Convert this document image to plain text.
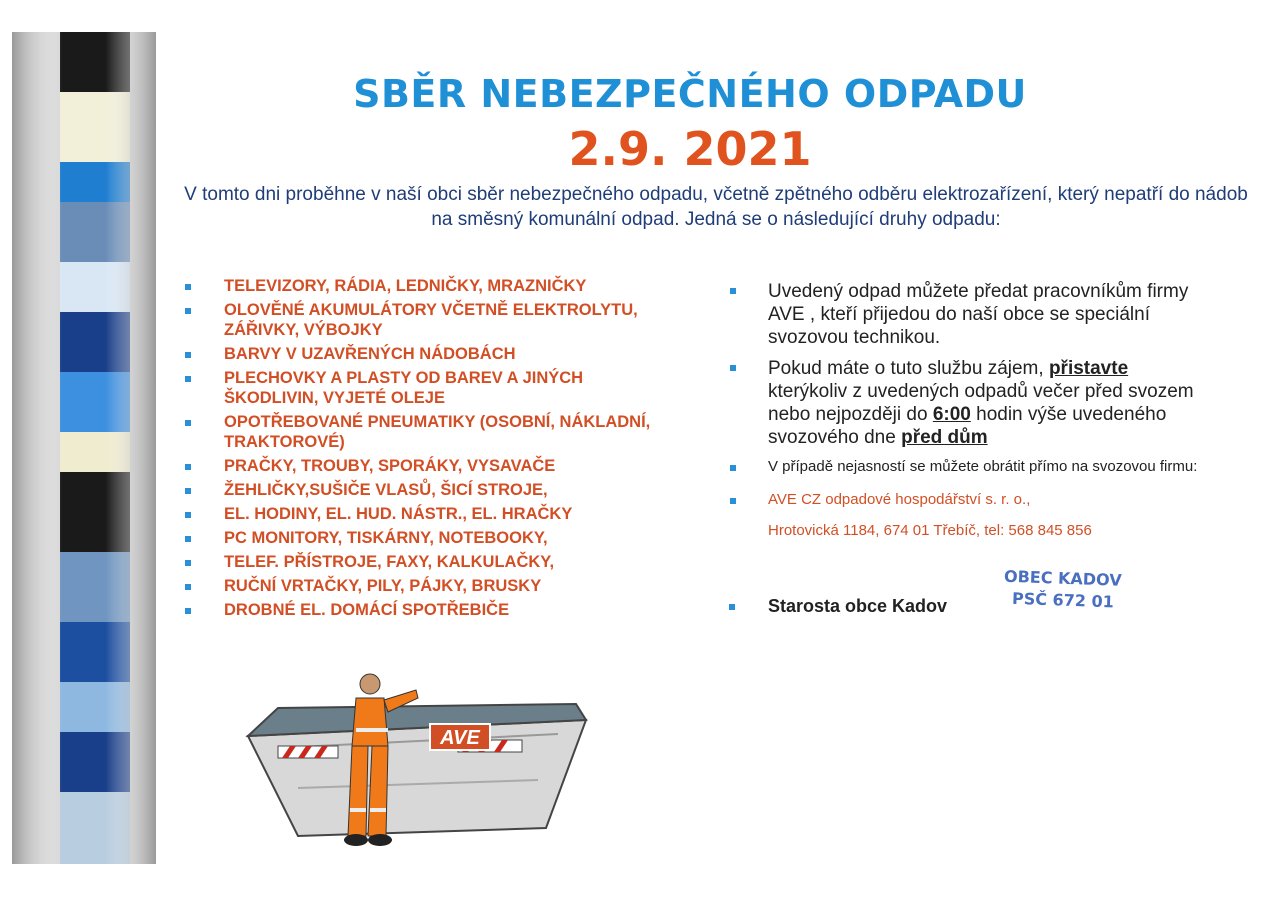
SBĚR NEBEZPEČNÉHO ODPADU
2.9. 2021
V tomto dni proběhne v naší obci sběr nebezpečného odpadu, včetně zpětného odběru elektrozařízení, který nepatří do nádob na směsný komunální odpad. Jedná se o následující druhy odpadu:
TELEVIZORY, RÁDIA, LEDNIČKY, MRAZNIČKY
OLOVĚNÉ AKUMULÁTORY VČETNĚ ELEKTROLYTU, ZÁŘIVKY, VÝBOJKY
BARVY V UZAVŘENÝCH NÁDOBÁCH
PLECHOVKY A PLASTY OD BAREV A JINÝCH ŠKODLIVIN, VYJETÉ OLEJE
OPOTŘEBOVANÉ PNEUMATIKY (OSOBNÍ, NÁKLADNÍ, TRAKTOROVÉ)
PRAČKY, TROUBY, SPORÁKY, VYSAVAČE
ŽEHLIČKY,SUŠIČE VLASŮ, ŠICÍ STROJE,
EL. HODINY, EL. HUD. NÁSTR., EL. HRAČKY
PC MONITORY, TISKÁRNY, NOTEBOOKY,
TELEF. PŘÍSTROJE, FAXY, KALKULAČKY,
RUČNÍ VRTAČKY, PILY, PÁJKY, BRUSKY
DROBNÉ EL. DOMÁCÍ SPOTŘEBIČE
Uvedený odpad můžete předat pracovníkům firmy AVE , kteří přijedou do naší obce se speciální svozovou technikou.
Pokud máte o tuto službu zájem, přistavte kterýkoliv z uvedených odpadů večer před svozem nebo nejpozději do 6:00 hodin výše uvedeného svozového dne před dům
V případě nejasností se můžete obrátit přímo na svozovou firmu:
AVE CZ odpadové hospodářství s. r. o.,
Hrotovická 1184, 674 01 Třebíč, tel: 568 845 856
Starosta obce Kadov
OBEC KADOV
PSČ 672 01
AVE
